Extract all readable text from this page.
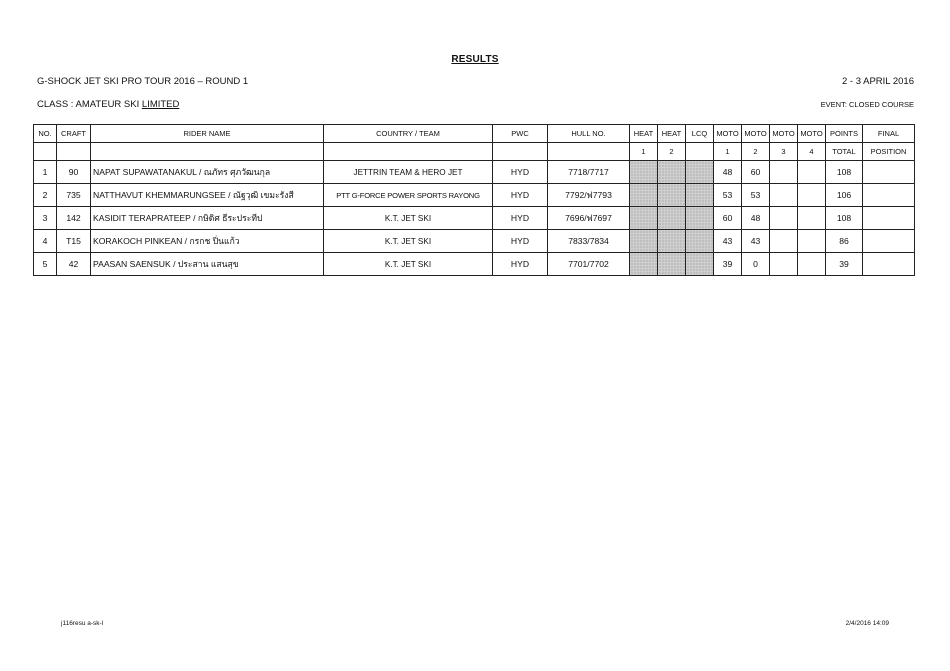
RESULTS
G-SHOCK JET SKI PRO TOUR 2016 – ROUND 1	2 - 3 APRIL 2016
CLASS : AMATEUR SKI LIMITED	EVENT: CLOSED COURSE
NO.	CRAFT	RIDER NAME	COUNTRY / TEAM	PWC	HULL NO.	HEAT	HEAT	LCQ	MOTO	MOTO	MOTO	MOTO	POINTS	FINAL
						1	2		1	2	3	4	TOTAL	POSITION
1	90	NAPAT SUPAWATANAKUL / ณภัทร ศุภวัฒนกุล	JETTRIN TEAM & HERO JET	HYD	7718/7717				48	60			108	
2	735	NATTHAVUT KHEMMARUNGSEE / ณัฐวุฒิ เขมะรังสี	PTT G-FORCE POWER SPORTS RAYONG	HYD	7792/ฟ7793				53	53			106	
3	142	KASIDIT TERAPRATEEP / กษิดิศ ธีระประทีป	K.T. JET SKI	HYD	7696/ฟ7697				60	48			108	
4	T15	KORAKOCH PINKEAN / กรกช ปิ่นแก้ว	K.T. JET SKI	HYD	7833/7834				43	43			86	
5	42	PAASAN SAENSUK / ประสาน แสนสุข	K.T. JET SKI	HYD	7701/7702				39	0			39	
j116resu a-sk-l	2/4/2016 14:09
